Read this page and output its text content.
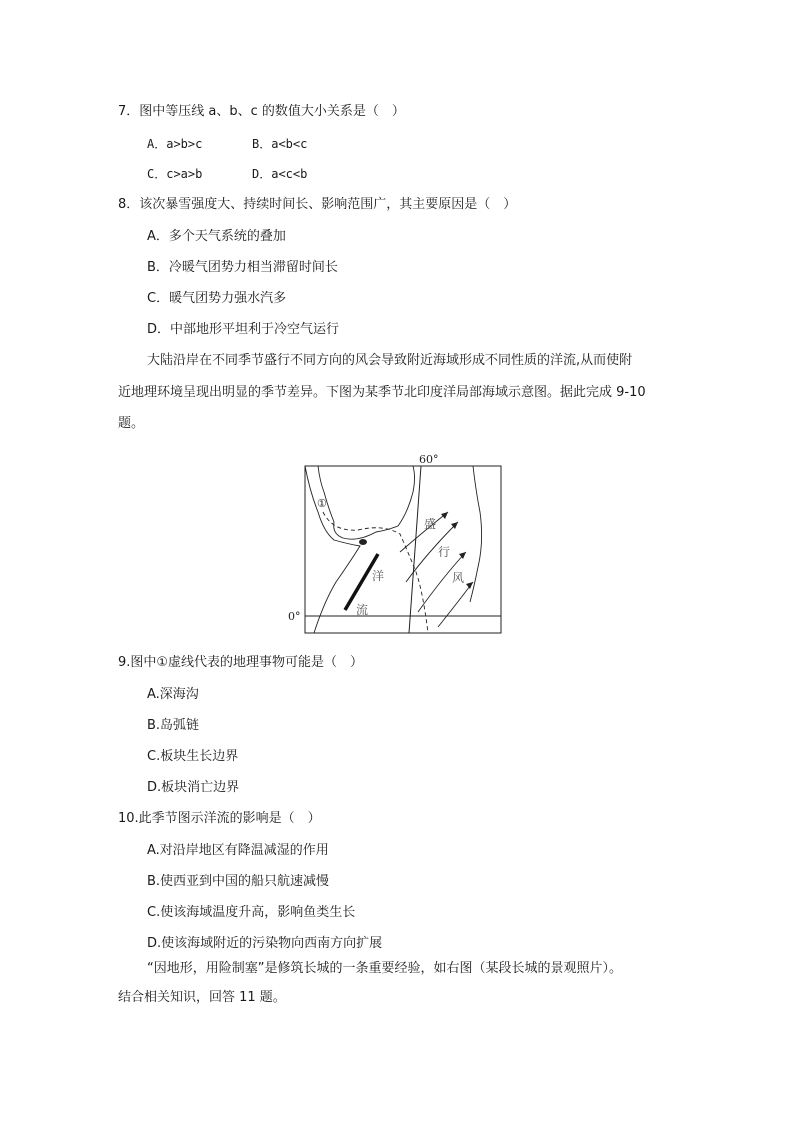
7．图中等压线 a、b、c 的数值大小关系是（　）
A．a>b>c	B．a<b<c
C．c>a>b	D．a<c<b
8．该次暴雪强度大、持续时间长、影响范围广，其主要原因是（　）
A．多个天气系统的叠加
B．冷暖气团势力相当滞留时间长
C．暖气团势力强水汽多
D．中部地形平坦利于冷空气运行
大陆沿岸在不同季节盛行不同方向的风会导致附近海域形成不同性质的洋流,从而使附
近地理环境呈现出明显的季节差异。下图为某季节北印度洋局部海域示意图。据此完成 9-10
题。
60°
0°
①
盛
行
风
洋
流
9.图中①虚线代表的地理事物可能是（　）
A.深海沟
B.岛弧链
C.板块生长边界
D.板块消亡边界
10.此季节图示洋流的影响是（　）
A.对沿岸地区有降温减湿的作用
B.使西亚到中国的船只航速减慢
C.使该海域温度升高，影响鱼类生长
D.使该海域附近的污染物向西南方向扩展
“因地形，用险制塞”是修筑长城的一条重要经验，如右图（某段长城的景观照片）。
结合相关知识，回答 11 题。
